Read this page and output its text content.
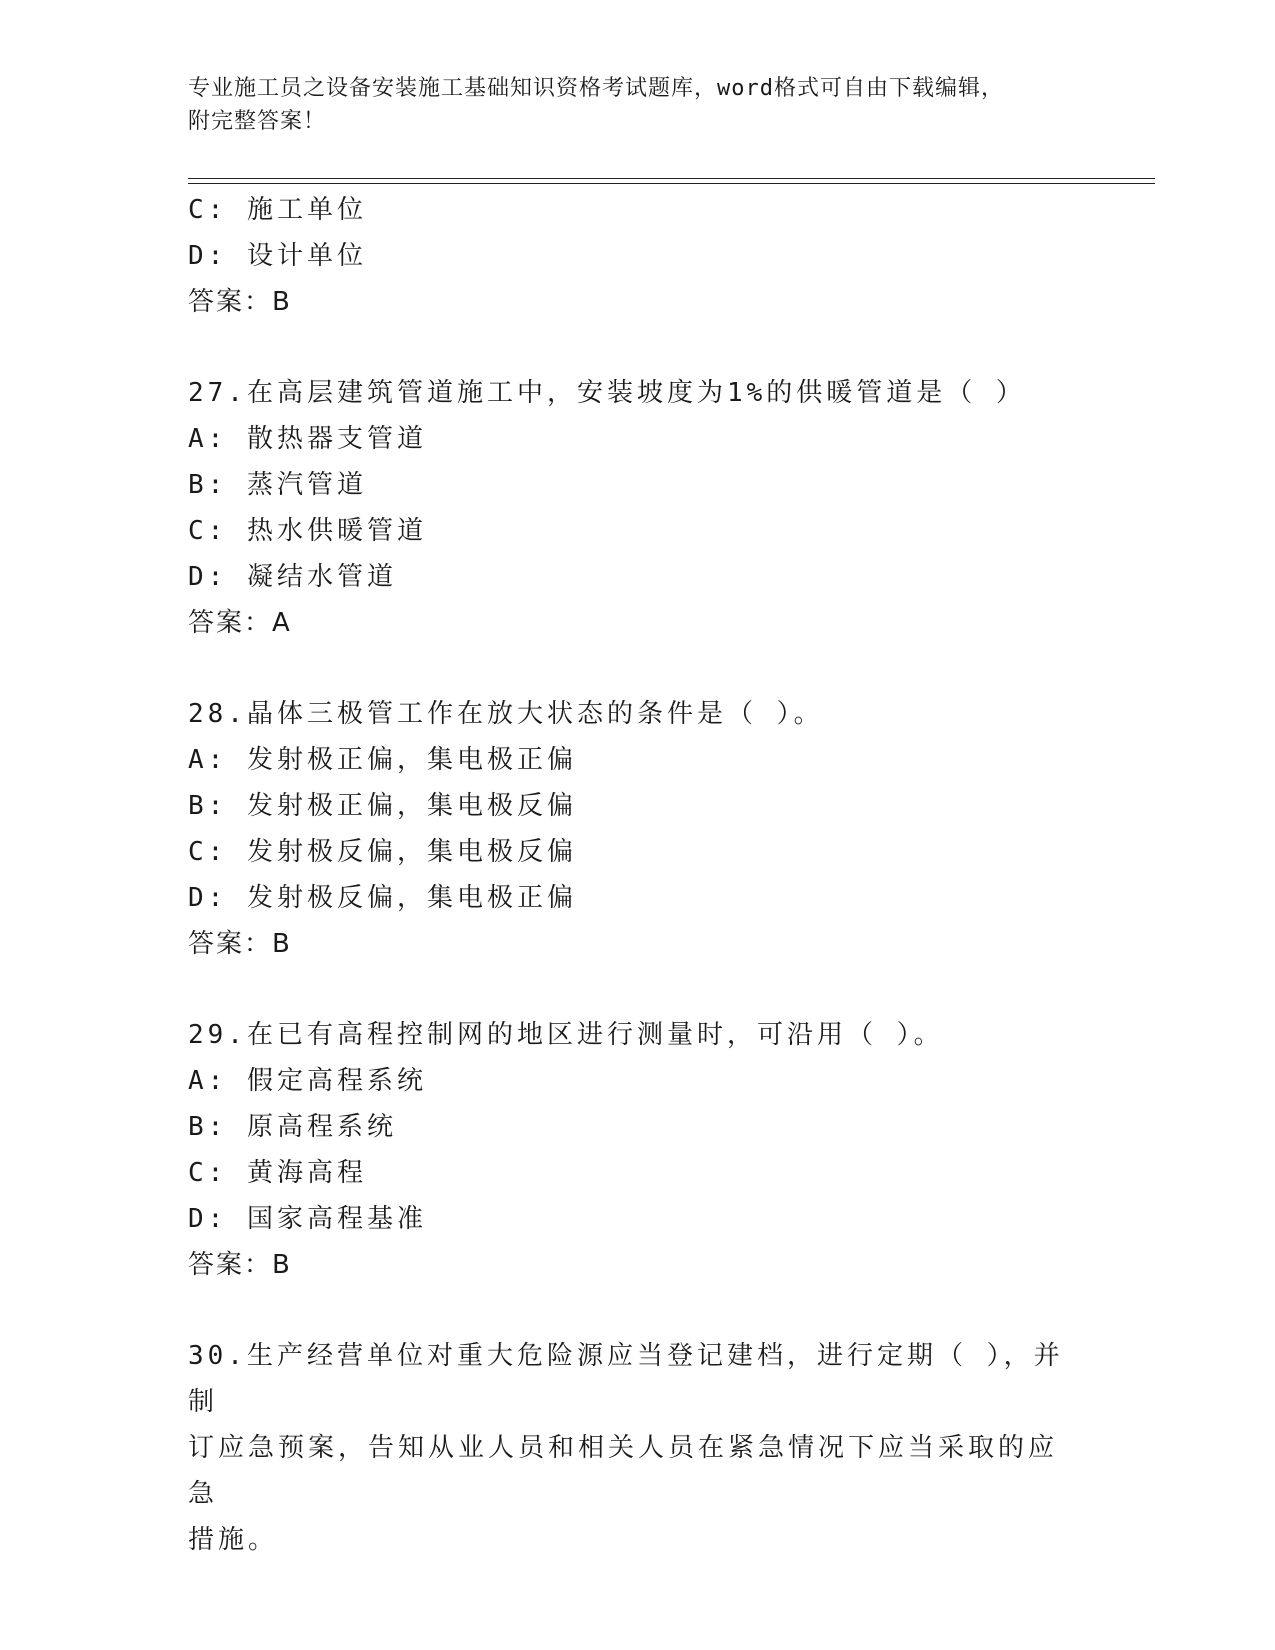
专业施工员之设备安装施工基础知识资格考试题库，word格式可自由下载编辑，
附完整答案！
C: 施工单位
D: 设计单位
答案：B
27.在高层建筑管道施工中，安装坡度为1%的供暖管道是（ ）
A: 散热器支管道
B: 蒸汽管道
C: 热水供暖管道
D: 凝结水管道
答案：A
28.晶体三极管工作在放大状态的条件是（ ）。
A: 发射极正偏，集电极正偏
B: 发射极正偏，集电极反偏
C: 发射极反偏，集电极反偏
D: 发射极反偏，集电极正偏
答案：B
29.在已有高程控制网的地区进行测量时，可沿用（ ）。
A: 假定高程系统
B: 原高程系统
C: 黄海高程
D: 国家高程基准
答案：B
30.生产经营单位对重大危险源应当登记建档，进行定期（ ），并制
订应急预案，告知从业人员和相关人员在紧急情况下应当采取的应急
措施。
